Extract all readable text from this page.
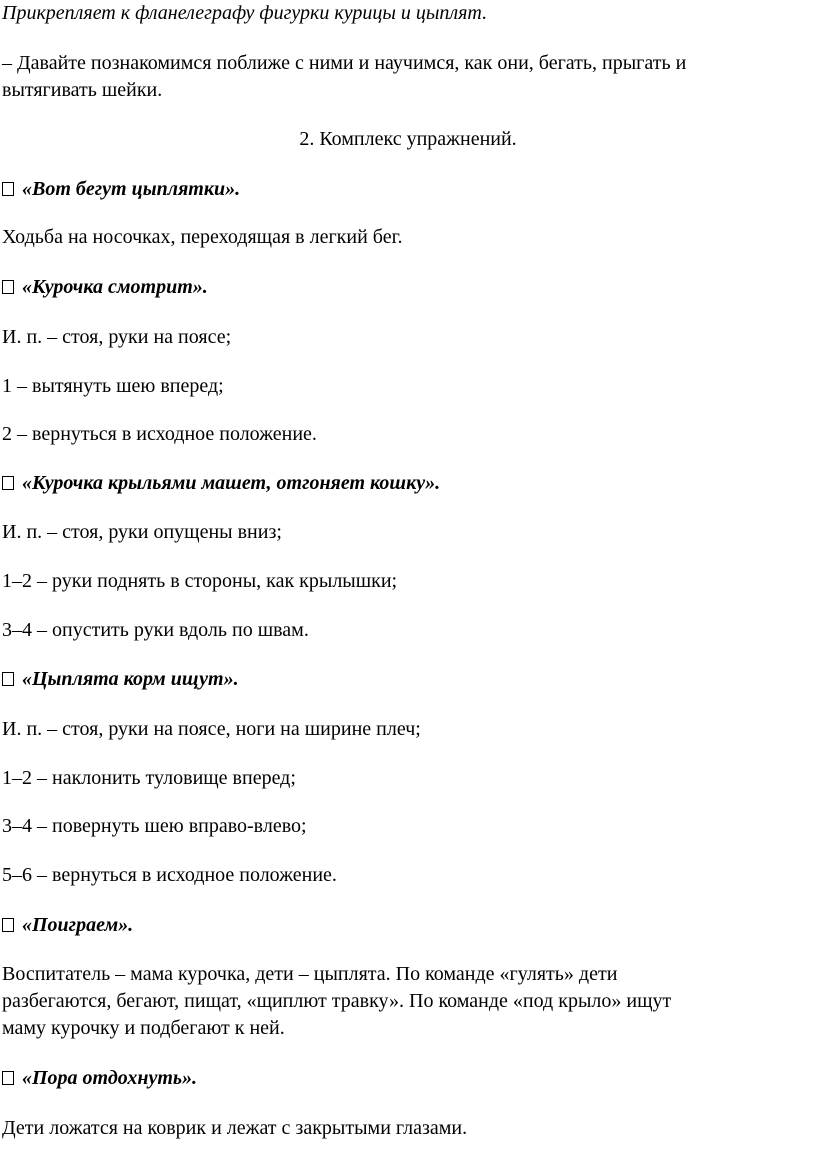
Прикрепляет к фланелеграфу фигурки курицы и цыплят.
– Давайте познакомимся поближе с ними и научимся, как они, бегать, прыгать и
вытягивать шейки.
2. Комплекс упражнений.
«Вот бегут цыплятки».
Ходьба на носочках, переходящая в легкий бег.
«Курочка смотрит».
И. п. – стоя, руки на поясе;
1 – вытянуть шею вперед;
2 – вернуться в исходное положение.
«Курочка крыльями машет, отгоняет кошку».
И. п. – стоя, руки опущены вниз;
1–2 – руки поднять в стороны, как крылышки;
3–4 – опустить руки вдоль по швам.
«Цыплята корм ищут».
И. п. – стоя, руки на поясе, ноги на ширине плеч;
1–2 – наклонить туловище вперед;
3–4 – повернуть шею вправо-влево;
5–6 – вернуться в исходное положение.
«Поиграем».
Воспитатель – мама курочка, дети – цыплята. По команде «гулять» дети
разбегаются, бегают, пищат, «щиплют травку». По команде «под крыло» ищут
маму курочку и подбегают к ней.
«Пора отдохнуть».
Дети ложатся на коврик и лежат с закрытыми глазами.
